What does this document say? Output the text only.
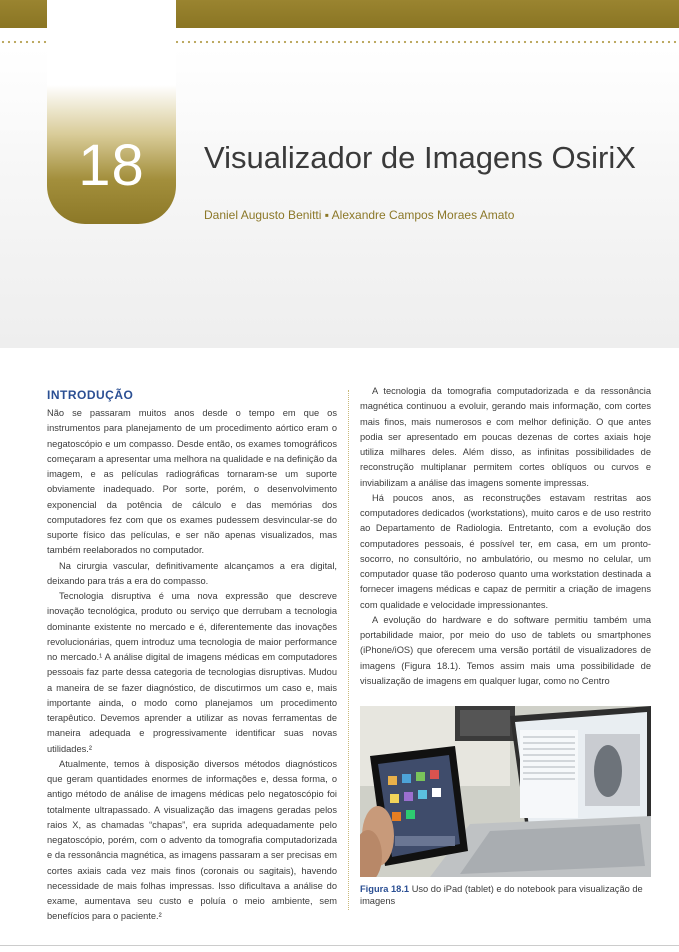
18	Visualizador de Imagens OsiriX
Daniel Augusto Benitti ▪ Alexandre Campos Moraes Amato
INTRODUÇÃO

Não se passaram muitos anos desde o tempo em que os instrumentos para planejamento de um procedimento aórtico eram o negatoscópio e um compasso. Desde então, os exames tomográficos começaram a apresentar uma melhora na qualidade e na definição da imagem, e as películas radiográficas tornaram-se um suporte obviamente inadequado. Por sorte, porém, o desenvolvimento exponencial da potência de cálculo e das memórias dos computadores fez com que os exames pudessem desvincular-se do suporte físico das películas, e ser não apenas visualizados, mas também reelaborados no computador.

Na cirurgia vascular, definitivamente alcançamos a era digital, deixando para trás a era do compasso.

Tecnologia disruptiva é uma nova expressão que descreve inovação tecnológica, produto ou serviço que derrubam a tecnologia dominante existente no mercado e é, diferentemente das inovações revolucionárias, quem introduz uma tecnologia de maior performance no mercado.¹ A análise digital de imagens médicas em computadores pessoais faz parte dessa categoria de tecnologias disruptivas. Mudou a maneira de se fazer diagnóstico, de discutirmos um caso e, mais importante ainda, o modo como planejamos um procedimento terapêutico. Devemos aprender a utilizar as novas ferramentas de maneira adequada e progressivamente identificar suas novas utilidades.²

Atualmente, temos à disposição diversos métodos diagnósticos que geram quantidades enormes de informações e, dessa forma, o antigo método de análise de imagens médicas pelo negatoscópio foi totalmente ultrapassado. A visualização das imagens geradas pelos raios X, as chamadas “chapas”, era suprida adequadamente pelo negatoscópio, porém, com o advento da tomografia computadorizada e da ressonância magnética, as imagens passaram a ser precisas em cortes axiais cada vez mais finos (coronais ou sagitais), havendo necessidade de mais folhas impressas. Isso dificultava a análise do exame, aumentava seu custo e poluía o meio ambiente, sem benefícios para o paciente.²

A tecnologia da tomografia computadorizada e da ressonância magnética continuou a evoluir, gerando mais informação, com cortes mais finos, mais numerosos e com melhor definição. O que antes podia ser apresentado em poucas dezenas de cortes axiais hoje utiliza milhares deles. Além disso, as infinitas possibilidades de reconstrução multiplanar permitem cortes oblíquos ou curvos e inviabilizam a análise das imagens somente impressas.

Há poucos anos, as reconstruções estavam restritas aos computadores dedicados (workstations), muito caros e de uso restrito ao Departamento de Radiologia. Entretanto, com a evolução dos computadores pessoais, é possível ter, em casa, em um pronto-socorro, no consultório, no ambulatório, ou mesmo no celular, um computador quase tão poderoso quanto uma workstation destinada a fornecer imagens médicas e capaz de permitir a criação de imagens com qualidade e velocidade impressionantes.

A evolução do hardware e do software permitiu também uma portabilidade maior, por meio do uso de tablets ou smartphones (iPhone/iOS) que oferecem uma versão portátil de visualizadores de imagens (Figura 18.1). Temos assim mais uma possibilidade de visualização de imagens em qualquer lugar, como no Centro

Figura 18.1 Uso do iPad (tablet) e do notebook para visualização de imagens
